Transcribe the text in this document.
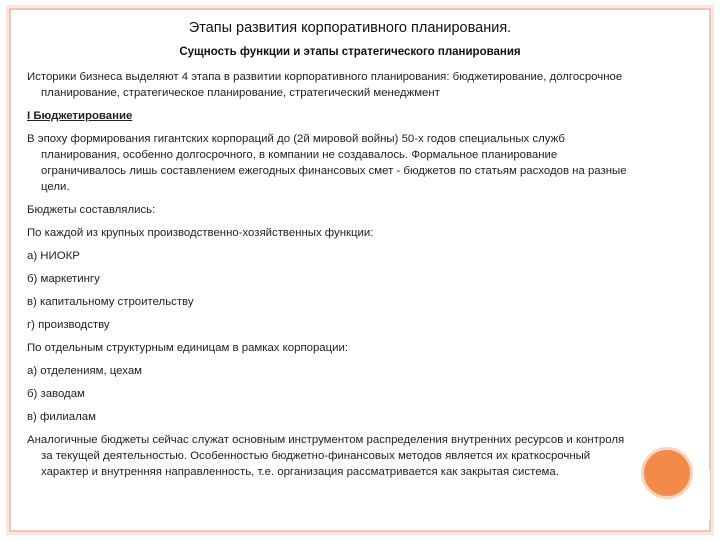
Этапы развития корпоративного планирования.
Сущность функции и этапы стратегического планирования

Историки бизнеса выделяют 4 этапа в развитии корпоративного планирования: бюджетирование, долгосрочное планирование, стратегическое планирование, стратегический менеджмент

I Бюджетирование

В эпоху формирования гигантских корпораций до (2й мировой войны) 50-х годов специальных служб планирования, особенно долгосрочного, в компании не создавалось. Формальное планирование ограничивалось лишь составлением ежегодных финансовых смет - бюджетов по статьям расходов на разные цели.

Бюджеты составлялись:

По каждой из крупных производственно-хозяйственных функции:

а) НИОКР

б) маркетингу

в) капитальному строительству

г) производству

По отдельным структурным единицам в рамках корпорации:

а) отделениям, цехам

б) заводам

в) филиалам

Аналогичные бюджеты сейчас служат основным инструментом распределения внутренних ресурсов и контроля за текущей деятельностью. Особенностью бюджетно-финансовых методов является их краткосрочный характер и внутренняя направленность, т.е. организация рассматривается как закрытая система.
